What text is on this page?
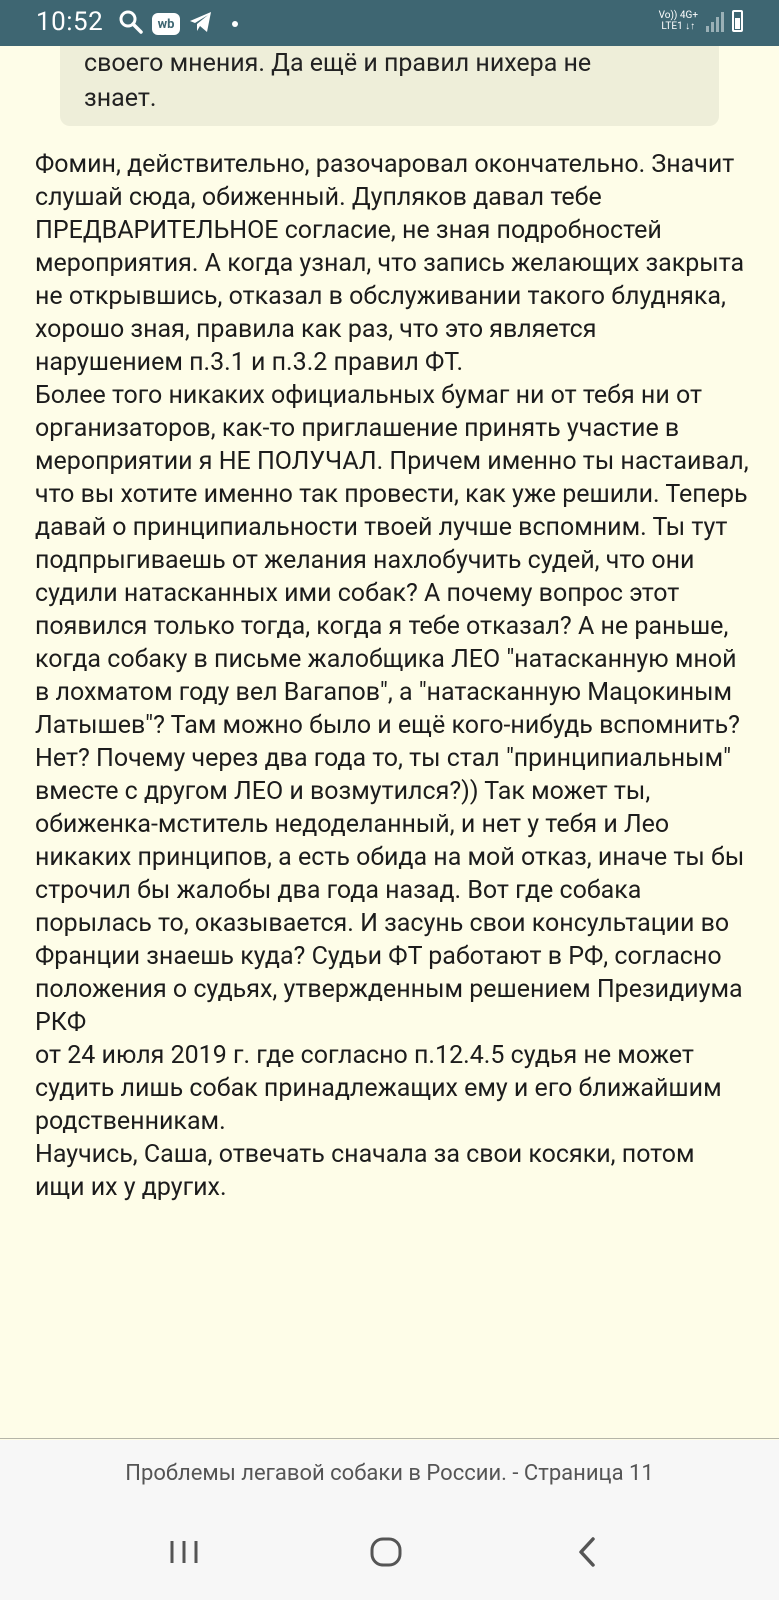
10:52	wb
Vo)) 4G+
LTE1 ↓↑
своего мнения. Да ещё и правил нихера не
знает.

Фомин, действительно, разочаровал окончательно. Значит слушай сюда, обиженный. Дупляков давал тебе ПРЕДВАРИТЕЛЬНОЕ согласие, не зная подробностей мероприятия. А когда узнал, что запись желающих закрыта не открывшись, отказал в обслуживании такого блудняка, хорошо зная, правила как раз, что это является нарушением п.3.1 и п.3.2 правил ФТ.

Более того никаких официальных бумаг ни от тебя ни от организаторов, как-то приглашение принять участие в мероприятии я НЕ ПОЛУЧАЛ. Причем именно ты настаивал, что вы хотите именно так провести, как уже решили. Теперь давай о принципиальности твоей лучше вспомним. Ты тут подпрыгиваешь от желания нахлобучить судей, что они судили натасканных ими собак? А почему вопрос этот появился только тогда, когда я тебе отказал? А не раньше, когда собаку в письме жалобщика ЛЕО "натасканную мной в лохматом году вел Вагапов", а "натасканную Мацокиным Латышев"? Там можно было и ещё кого-нибудь вспомнить? Нет? Почему через два года то, ты стал "принципиальным" вместе с другом ЛЕО и возмутился?)) Так может ты, обиженка-мститель недоделанный, и нет у тебя и Лео никаких принципов, а есть обида на мой отказ, иначе ты бы строчил бы жалобы два года назад. Вот где собака порылась то, оказывается. И засунь свои консультации во Франции знаешь куда? Судьи ФТ работают в РФ, согласно положения о судьях, утвержденным решением Президиума РКФ

от 24 июля 2019 г. где согласно п.12.4.5 судья не может судить лишь собак принадлежащих ему и его ближайшим родственникам.

Научись, Саша, отвечать сначала за свои косяки, потом ищи их у других.

Проблемы легавой собаки в России. - Страница 11
